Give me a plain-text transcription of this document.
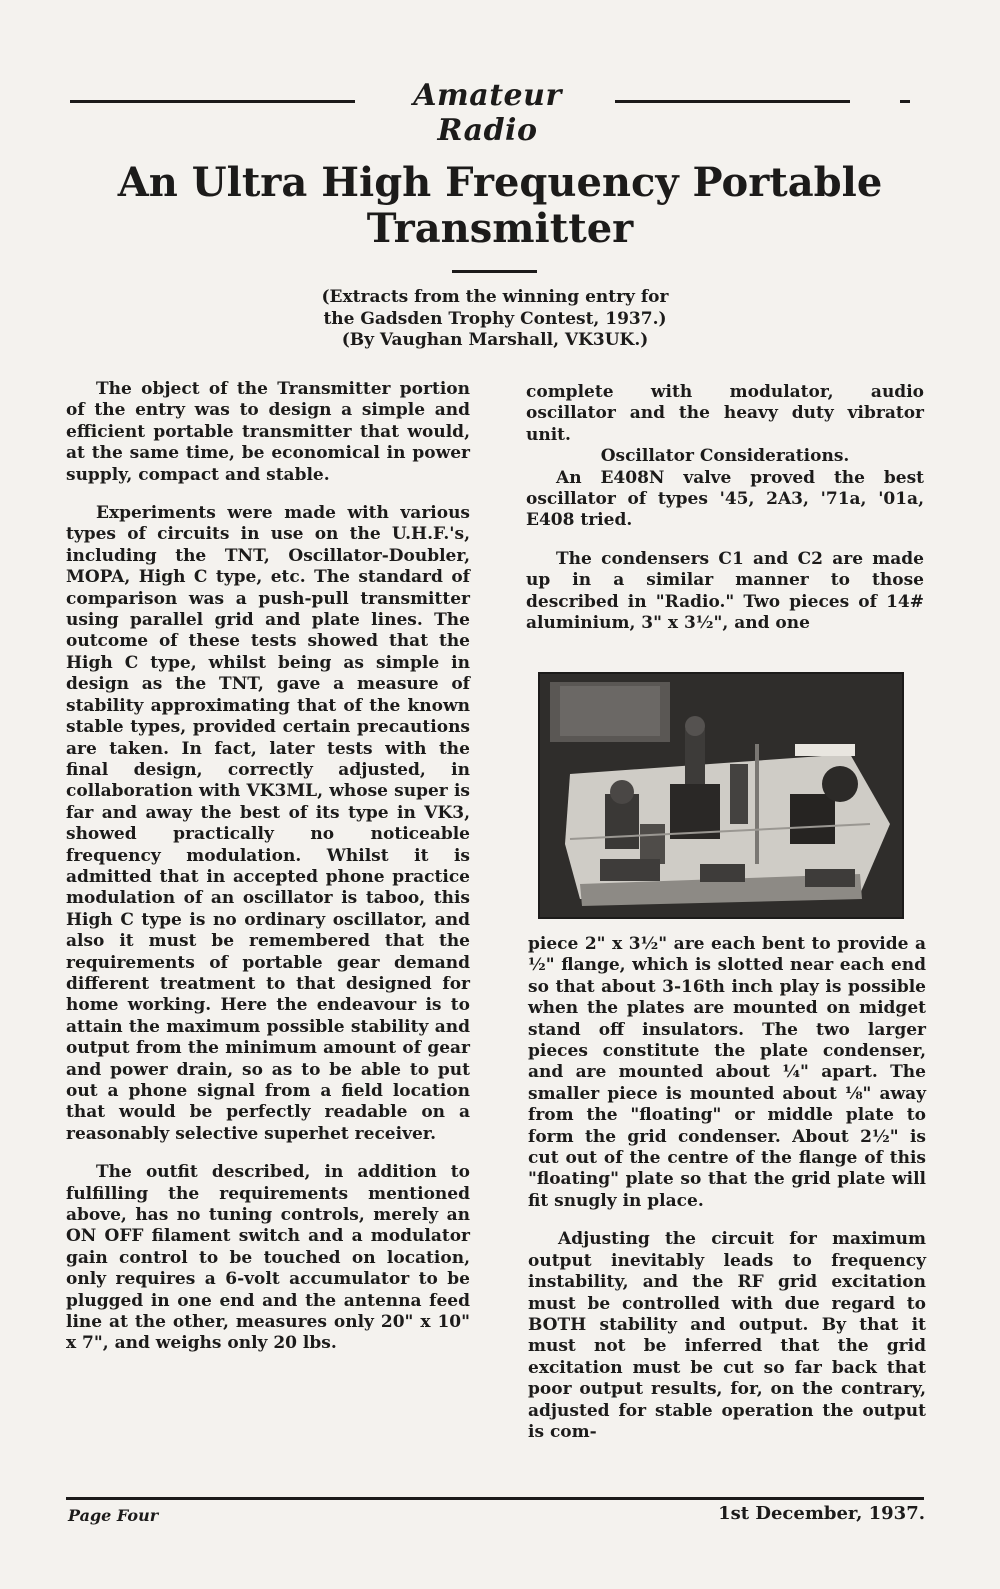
Amateur Radio
An Ultra High Frequency Portable Transmitter
(Extracts from the winning entry for
the Gadsden Trophy Contest, 1937.)
(By Vaughan Marshall, VK3UK.)

The object of the Transmitter portion of the entry was to design a simple and efficient portable transmitter that would, at the same time, be economical in power supply, compact and stable.

Experiments were made with various types of circuits in use on the U.H.F.'s, including the TNT, Oscillator-Doubler, MOPA, High C type, etc. The standard of comparison was a push-pull transmitter using parallel grid and plate lines. The outcome of these tests showed that the High C type, whilst being as simple in design as the TNT, gave a measure of stability approximating that of the known stable types, provided certain precautions are taken. In fact, later tests with the final design, correctly adjusted, in collaboration with VK3ML, whose super is far and away the best of its type in VK3, showed practically no noticeable frequency modulation. Whilst it is admitted that in accepted phone practice modulation of an oscillator is taboo, this High C type is no ordinary oscillator, and also it must be remembered that the requirements of portable gear demand different treatment to that designed for home working. Here the endeavour is to attain the maximum possible stability and output from the minimum amount of gear and power drain, so as to be able to put out a phone signal from a field location that would be perfectly readable on a reasonably selective superhet receiver.

The outfit described, in addition to fulfilling the requirements mentioned above, has no tuning controls, merely an ON OFF filament switch and a modulator gain control to be touched on location, only requires a 6-volt accumulator to be plugged in one end and the antenna feed line at the other, measures only 20" x 10" x 7", and weighs only 20 lbs.

complete with modulator, audio oscillator and the heavy duty vibrator unit.

Oscillator Considerations.

An E408N valve proved the best oscillator of types '45, 2A3, '71a, '01a, E408 tried.

The condensers C1 and C2 are made up in a similar manner to those described in "Radio." Two pieces of 14# aluminium, 3" x 3½", and one

piece 2" x 3½" are each bent to provide a ½" flange, which is slotted near each end so that about 3-16th inch play is possible when the plates are mounted on midget stand off insulators. The two larger pieces constitute the plate condenser, and are mounted about ¼" apart. The smaller piece is mounted about ⅛" away from the "floating" or middle plate to form the grid condenser. About 2½" is cut out of the centre of the flange of this "floating" plate so that the grid plate will fit snugly in place.

Adjusting the circuit for maximum output inevitably leads to frequency instability, and the RF grid excitation must be controlled with due regard to BOTH stability and output. By that it must not be inferred that the grid excitation must be cut so far back that poor output results, for, on the contrary, adjusted for stable operation the output is com-

Page Four	1st December, 1937.
